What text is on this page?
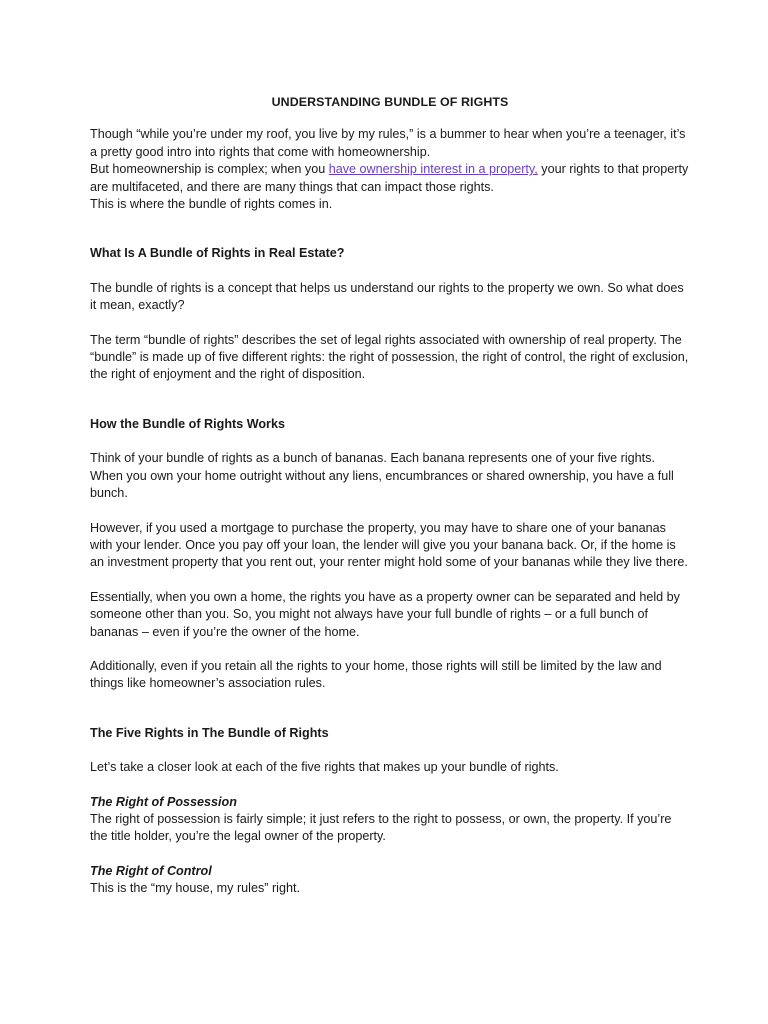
UNDERSTANDING BUNDLE OF RIGHTS

Though “while you’re under my roof, you live by my rules,” is a bummer to hear when you’re a teenager, it’s a pretty good intro into rights that come with homeownership.

But homeownership is complex; when you have ownership interest in a property, your rights to that property are multifaceted, and there are many things that can impact those rights.

This is where the bundle of rights comes in.

What Is A Bundle of Rights in Real Estate?

The bundle of rights is a concept that helps us understand our rights to the property we own. So what does it mean, exactly?

The term “bundle of rights” describes the set of legal rights associated with ownership of real property. The “bundle” is made up of five different rights: the right of possession, the right of control, the right of exclusion, the right of enjoyment and the right of disposition.

How the Bundle of Rights Works

Think of your bundle of rights as a bunch of bananas. Each banana represents one of your five rights. When you own your home outright without any liens, encumbrances or shared ownership, you have a full bunch.

However, if you used a mortgage to purchase the property, you may have to share one of your bananas with your lender. Once you pay off your loan, the lender will give you your banana back. Or, if the home is an investment property that you rent out, your renter might hold some of your bananas while they live there.

Essentially, when you own a home, the rights you have as a property owner can be separated and held by someone other than you. So, you might not always have your full bundle of rights – or a full bunch of bananas – even if you’re the owner of the home.

Additionally, even if you retain all the rights to your home, those rights will still be limited by the law and things like homeowner’s association rules.

The Five Rights in The Bundle of Rights

Let’s take a closer look at each of the five rights that makes up your bundle of rights.

The Right of Possession

The right of possession is fairly simple; it just refers to the right to possess, or own, the property. If you’re the title holder, you’re the legal owner of the property.

The Right of Control

This is the “my house, my rules” right.
